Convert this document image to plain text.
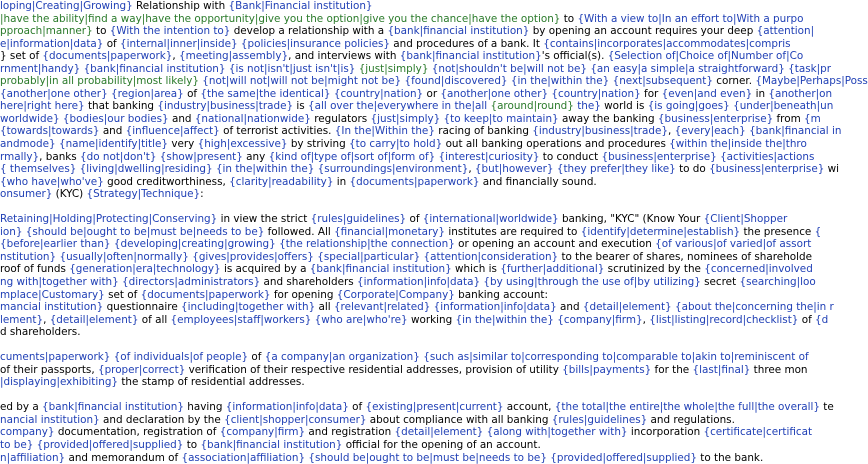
loping|Creating|Growing} Relationship with {Bank|Financial institution}
|have the ability|find a way|have the opportunity|give you the option|give you the chance|have the option} to {With a view to|In an effort to|With a purpo
pproach|manner} to {With the intention to} develop a relationship with a {bank|financial institution} by opening an account requires your deep {attention|
e|information|data} of {internal|inner|inside} {policies|insurance policies} and procedures of a bank. It {contains|incorporates|accommodates|compris
} set of {documents|paperwork}, {meeting|assembly}, and interviews with {bank|financial institution}'s official(s). {Selection of|Choice of|Number of|Co
rnment|handy} {bank|financial institution} {is not|isn't|just isn't|is} {just|simply} {not|shouldn't be|will not be} {an easy|a simple|a straightforward} {task|pr
probably|in all probability|most likely} {not|will not|will not be|might not be} {found|discovered} {in the|within the} {next|subsequent} corner. {Maybe|Perhaps|Poss
{another|one other} {region|area} of {the same|the identical} {country|nation} or {another|one other} {country|nation} for {even|and even} in {another|on
here|right here} that banking {industry|business|trade} is {all over the|everywhere in the|all {around|round} the} world is {is going|goes} {under|beneath|un
worldwide} {bodies|our bodies} and {national|nationwide} regulators {just|simply} {to keep|to maintain} away the banking {business|enterprise} from {m
{towards|towards} and {influence|affect} of terrorist activities. {In the|Within the} racing of banking {industry|business|trade}, {every|each} {bank|financial in
andmode} {name|identify|title} very {high|excessive} by striving {to carry|to hold} out all banking operations and procedures {within the|inside the|thro
rmally}, banks {do not|don't} {show|present} any {kind of|type of|sort of|form of} {interest|curiosity} to conduct {business|enterprise} {activities|actions
{ themselves} {living|dwelling|residing} {in the|within the} {surroundings|environment}, {but|however} {they prefer|they like} to do {business|enterprise} wi
{who have|who've} good creditworthiness, {clarity|readability} in {documents|paperwork} and financially sound.
onsumer} (KYC) {Strategy|Technique}:

Retaining|Holding|Protecting|Conserving} in view the strict {rules|guidelines} of {international|worldwide} banking, "KYC" (Know Your {Client|Shopper
ion} {should be|ought to be|must be|needs to be} followed. All {financial|monetary} institutes are required to {identify|determine|establish} the presence {
{before|earlier than} {developing|creating|growing} {the relationship|the connection} or opening an account and execution {of various|of varied|of assort
nstitution} {usually|often|normally} {gives|provides|offers} {special|particular} {attention|consideration} to the bearer of shares, nominees of shareholde
roof of funds {generation|era|technology} is acquired by a {bank|financial institution} which is {further|additional} scrutinized by the {concerned|involved
ng with|together with} {directors|administrators} and shareholders {information|info|data} {by using|through the use of|by utilizing} secret {searching|loo
mplace|Customary} set of {documents|paperwork} for opening {Corporate|Company} banking account:
mancial institution} questionnaire {including|together with} all {relevant|related} {information|info|data} and {detail|element} {about the|concerning the|in r
lement}, {detail|element} of all {employees|staff|workers} {who are|who're} working {in the|within the} {company|firm}, {list|listing|record|checklist} of {d
d shareholders.

cuments|paperwork} {of individuals|of people} of {a company|an organization} {such as|similar to|corresponding to|comparable to|akin to|reminiscent of
of their passports, {proper|correct} verification of their respective residential addresses, provision of utility {bills|payments} for the {last|final} three mon
|displaying|exhibiting} the stamp of residential addresses.

ed by a {bank|financial institution} having {information|info|data} of {existing|present|current} account, {the total|the entire|the whole|the full|the overall} te
nancial institution} and declaration by the {client|shopper|consumer} about compliance with all banking {rules|guidelines} and regulations.
company} documentation, registration of {company|firm} and registration {detail|element} {along with|together with} incorporation {certificate|certificat
to be} {provided|offered|supplied} to {bank|financial institution} official for the opening of an account.
n|affiliation} and memorandum of {association|affiliation} {should be|ought to be|must be|needs to be} {provided|offered|supplied} to the bank.
